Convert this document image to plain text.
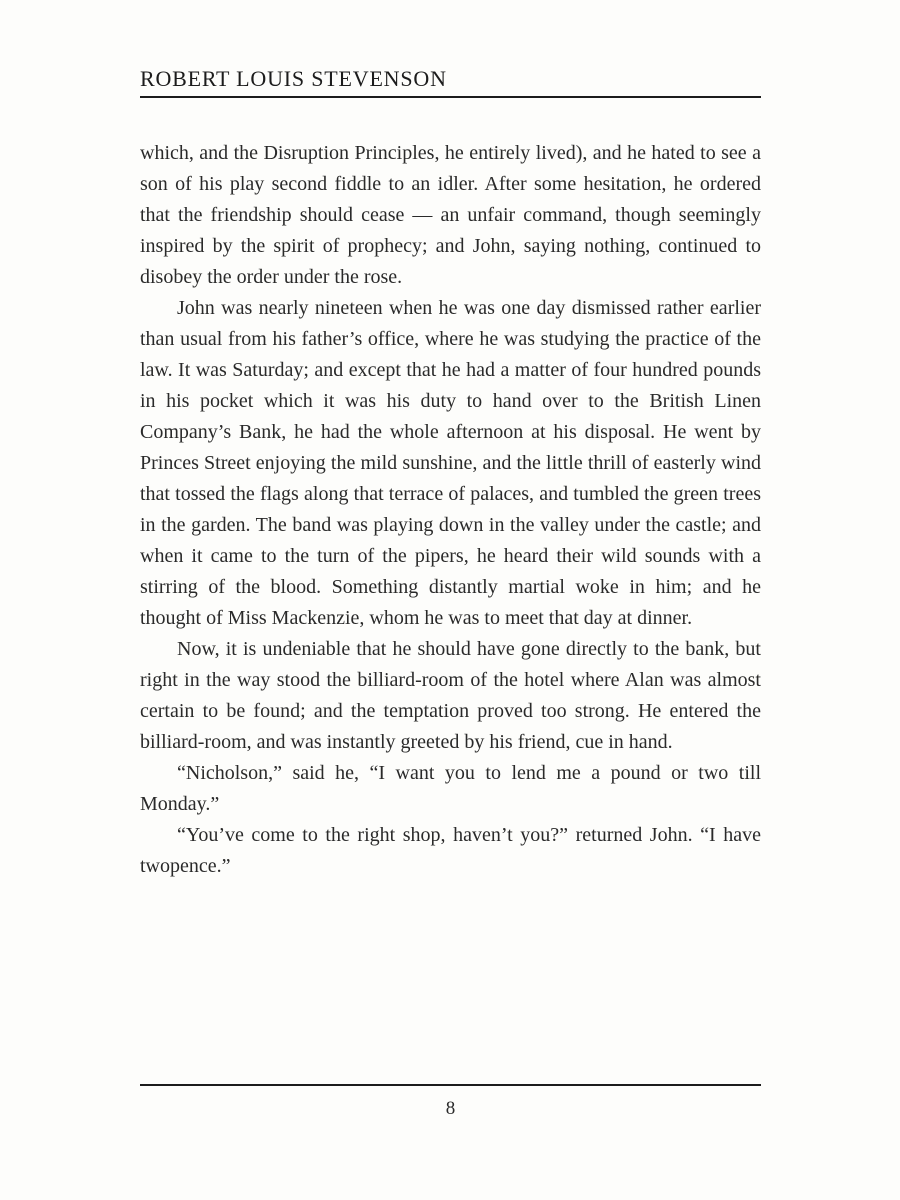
ROBERT LOUIS STEVENSON

which, and the Disruption Principles, he entirely lived), and he hated to see a son of his play second fiddle to an idler. After some hesitation, he ordered that the friendship should cease — an unfair command, though seemingly inspired by the spirit of prophecy; and John, saying nothing, continued to disobey the order under the rose.

John was nearly nineteen when he was one day dismissed rather earlier than usual from his father’s office, where he was studying the practice of the law. It was Saturday; and except that he had a matter of four hundred pounds in his pocket which it was his duty to hand over to the British Linen Company’s Bank, he had the whole afternoon at his disposal. He went by Princes Street enjoying the mild sunshine, and the little thrill of easterly wind that tossed the flags along that terrace of palaces, and tumbled the green trees in the garden. The band was playing down in the valley under the castle; and when it came to the turn of the pipers, he heard their wild sounds with a stirring of the blood. Something distantly martial woke in him; and he thought of Miss Mackenzie, whom he was to meet that day at dinner.

Now, it is undeniable that he should have gone directly to the bank, but right in the way stood the billiard-room of the hotel where Alan was almost certain to be found; and the temptation proved too strong. He entered the billiard-room, and was instantly greeted by his friend, cue in hand.

“Nicholson,” said he, “I want you to lend me a pound or two till Monday.”

“You’ve come to the right shop, haven’t you?” returned John. “I have twopence.”

8
